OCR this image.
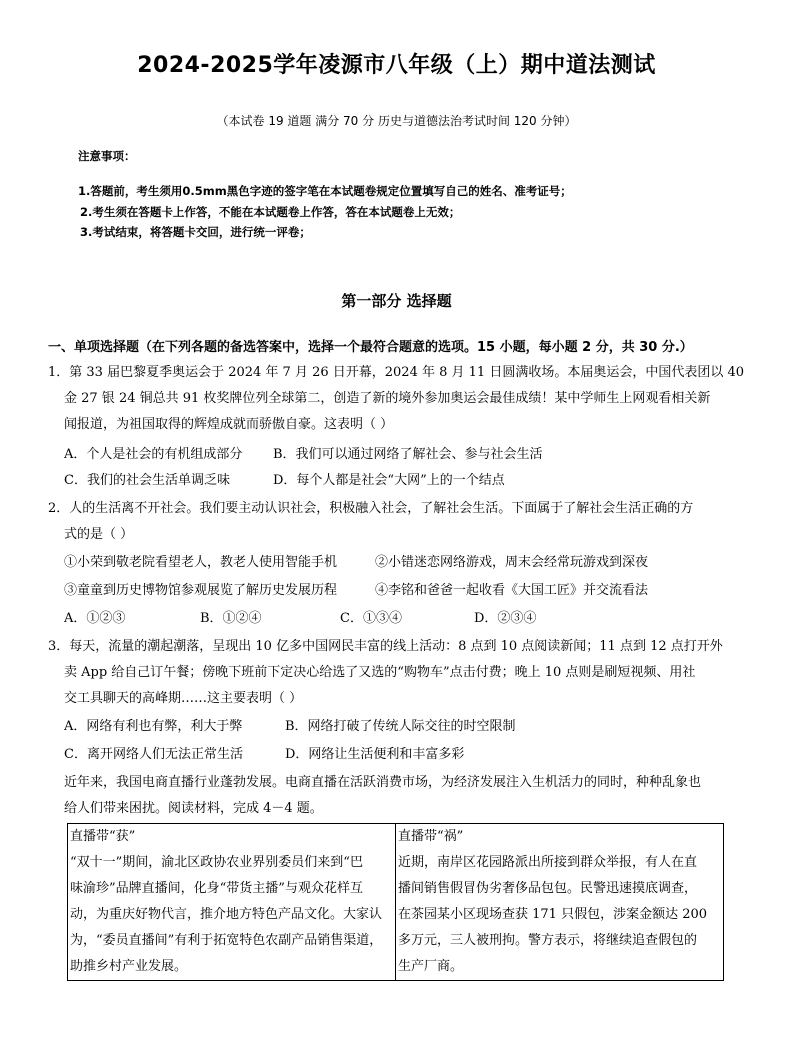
2024-2025学年凌源市八年级（上）期中道法测试
（本试卷 19 道题 满分 70 分 历史与道德法治考试时间 120 分钟）
注意事项：
1.答题前，考生须用0.5mm黑色字迹的签字笔在本试题卷规定位置填写自己的姓名、准考证号；
2.考生须在答题卡上作答，不能在本试题卷上作答，答在本试题卷上无效；
3.考试结束，将答题卡交回，进行统一评卷；
第一部分 选择题
一、单项选择题（在下列各题的备选答案中，选择一个最符合题意的选项。15 小题，每小题 2 分，共 30 分.）
1．第 33 届巴黎夏季奥运会于 2024 年 7 月 26 日开幕，2024 年 8 月 11 日圆满收场。本届奥运会，中国代表团以 40
金 27 银 24 铜总共 91 枚奖牌位列全球第二，创造了新的境外参加奥运会最佳成绩！某中学师生上网观看相关新
闻报道，为祖国取得的辉煌成就而骄傲自豪。这表明（ ）
A．个人是社会的有机组成部分 B．我们可以通过网络了解社会、参与社会生活
C．我们的社会生活单调乏味	D．每个人都是社会“大网”上的一个结点
2．人的生活离不开社会。我们要主动认识社会，积极融入社会，了解社会生活。下面属于了解社会生活正确的方
式的是（ ）
①小荣到敬老院看望老人，教老人使用智能手机	②小错迷恋网络游戏，周末会经常玩游戏到深夜
③童童到历史博物馆参观展览了解历史发展历程	④李铭和爸爸一起收看《大国工匠》并交流看法
A．①②③	B．①②④	C．①③④	D．②③④
3．每天，流量的潮起潮落，呈现出 10 亿多中国网民丰富的线上活动：8 点到 10 点阅读新闻；11 点到 12 点打开外
卖 App 给自己订午餐；傍晚下班前下定决心给选了又选的“购物车”点击付费；晚上 10 点则是刷短视频、用社
交工具聊天的高峰期……这主要表明（ ）
A．网络有利也有弊，利大于弊	B．网络打破了传统人际交往的时空限制
C．离开网络人们无法正常生活	D．网络让生活便利和丰富多彩
近年来，我国电商直播行业蓬勃发展。电商直播在活跃消费市场，为经济发展注入生机活力的同时，种种乱象也
给人们带来困扰。阅读材料，完成 4－4 题。
直播带“获”
“双十一”期间，渝北区政协农业界别委员们来到“巴
味渝珍”品牌直播间，化身“带货主播”与观众花样互
动，为重庆好物代言，推介地方特色产品文化。大家认
为，“委员直播间”有利于拓宽特色农副产品销售渠道，
助推乡村产业发展。

直播带“祸”
近期，南岸区花园路派出所接到群众举报，有人在直
播间销售假冒伪劣奢侈品包包。民警迅速摸底调查，
在茶园某小区现场查获 171 只假包，涉案金额达 200
多万元，三人被刑拘。警方表示，将继续追查假包的
生产厂商。
